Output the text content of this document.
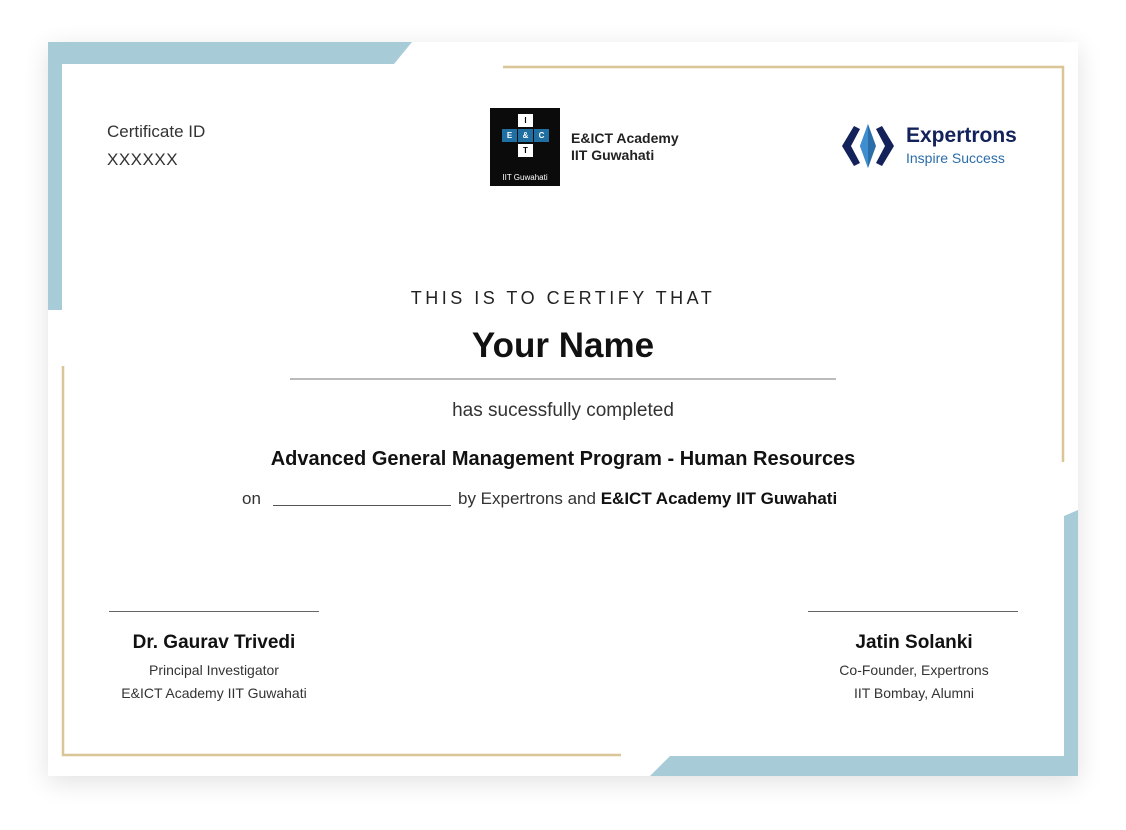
Certificate ID
XXXXXX
I
E	&	C
T
IIT Guwahati
E&ICT Academy
IIT Guwahati
Expertrons
Inspire Success
THIS IS TO CERTIFY THAT
Your Name
has sucessfully completed
Advanced General Management Program - Human Resources
on	by Expertrons and E&ICT Academy IIT Guwahati
Dr. Gaurav Trivedi
Principal Investigator
E&ICT Academy IIT Guwahati
Jatin Solanki
Co-Founder, Expertrons
IIT Bombay, Alumni
